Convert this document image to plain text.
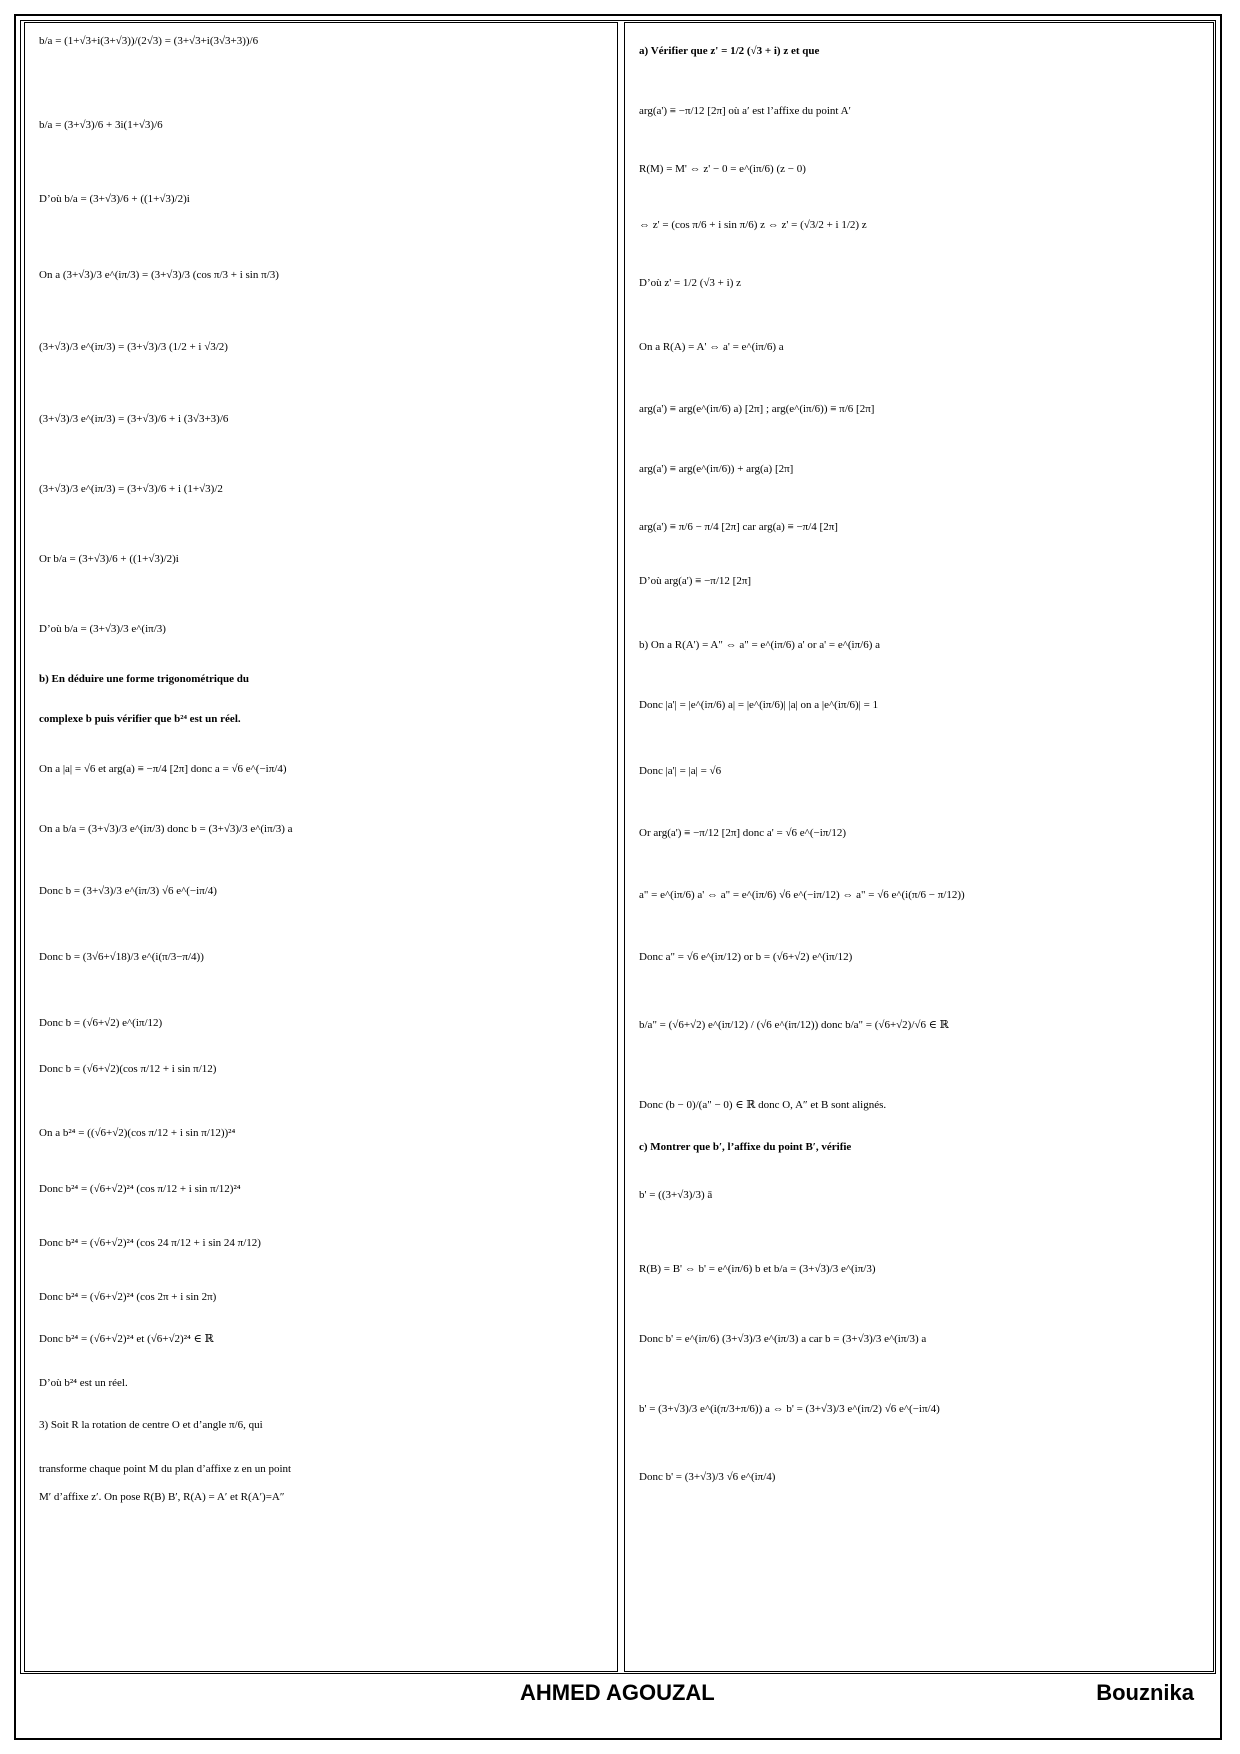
b/a = (1+√3+i(3+√3))/(2√3) = (3+√3+i(3√3+3))/6
b/a = (3+√3)/6 + 3i(1+√3)/6
D’où b/a = (3+√3)/6 + ((1+√3)/2)i
On a (3+√3)/3 e^(iπ/3) = (3+√3)/3 (cos π/3 + i sin π/3)
(3+√3)/3 e^(iπ/3) = (3+√3)/3 (1/2 + i √3/2)
(3+√3)/3 e^(iπ/3) = (3+√3)/6 + i (3√3+3)/6
(3+√3)/3 e^(iπ/3) = (3+√3)/6 + i (1+√3)/2
Or b/a = (3+√3)/6 + ((1+√3)/2)i
D’où b/a = (3+√3)/3 e^(iπ/3)
b) En déduire une forme trigonométrique du
complexe b puis vérifier que b²⁴ est un réel.
On a |a| = √6 et arg(a) ≡ −π/4 [2π] donc a = √6 e^(−iπ/4)
On a b/a = (3+√3)/3 e^(iπ/3) donc b = (3+√3)/3 e^(iπ/3) a
Donc b = (3+√3)/3 e^(iπ/3) √6 e^(−iπ/4)
Donc b = (3√6+√18)/3 e^(i(π/3−π/4))
Donc b = (√6+√2) e^(iπ/12)
Donc b = (√6+√2)(cos π/12 + i sin π/12)
On a b²⁴ = ((√6+√2)(cos π/12 + i sin π/12))²⁴
Donc b²⁴ = (√6+√2)²⁴ (cos π/12 + i sin π/12)²⁴
Donc b²⁴ = (√6+√2)²⁴ (cos 24 π/12 + i sin 24 π/12)
Donc b²⁴ = (√6+√2)²⁴ (cos 2π + i sin 2π)
Donc b²⁴ = (√6+√2)²⁴ et (√6+√2)²⁴ ∈ ℝ
D’où b²⁴ est un réel.
3) Soit R la rotation de centre O et d’angle π/6, qui
transforme chaque point M du plan d’affixe z en un point
M′ d’affixe z′. On pose R(B) B′, R(A) = A′ et R(A′)=A″
a) Vérifier que z' = 1/2 (√3 + i) z et que
arg(a') ≡ −π/12 [2π] où a′ est l’affixe du point A′
R(M) = M' ⇔ z' − 0 = e^(iπ/6) (z − 0)
⇔ z' = (cos π/6 + i sin π/6) z ⇔ z' = (√3/2 + i 1/2) z
D’où z' = 1/2 (√3 + i) z
On a R(A) = A' ⇔ a' = e^(iπ/6) a
arg(a') ≡ arg(e^(iπ/6) a) [2π] ; arg(e^(iπ/6)) ≡ π/6 [2π]
arg(a') ≡ arg(e^(iπ/6)) + arg(a) [2π]
arg(a') ≡ π/6 − π/4 [2π] car arg(a) ≡ −π/4 [2π]
D’où arg(a') ≡ −π/12 [2π]
b) On a R(A') = A" ⇔ a" = e^(iπ/6) a' or a' = e^(iπ/6) a
Donc |a'| = |e^(iπ/6) a| = |e^(iπ/6)| |a| on a |e^(iπ/6)| = 1
Donc |a'| = |a| = √6
Or arg(a') ≡ −π/12 [2π] donc a' = √6 e^(−iπ/12)
a" = e^(iπ/6) a' ⇔ a" = e^(iπ/6) √6 e^(−iπ/12) ⇔ a" = √6 e^(i(π/6 − π/12))
Donc a" = √6 e^(iπ/12) or b = (√6+√2) e^(iπ/12)
b/a" = (√6+√2) e^(iπ/12) / (√6 e^(iπ/12)) donc b/a" = (√6+√2)/√6 ∈ ℝ
Donc (b − 0)/(a" − 0) ∈ ℝ donc O, A″ et B sont alignés.
c) Montrer que b′, l’affixe du point B′, vérifie
b' = ((3+√3)/3) ā
R(B) = B' ⇔ b' = e^(iπ/6) b et b/a = (3+√3)/3 e^(iπ/3)
Donc b' = e^(iπ/6) (3+√3)/3 e^(iπ/3) a car b = (3+√3)/3 e^(iπ/3) a
b' = (3+√3)/3 e^(i(π/3+π/6)) a ⇔ b' = (3+√3)/3 e^(iπ/2) √6 e^(−iπ/4)
Donc b' = (3+√3)/3 √6 e^(iπ/4)
AHMED AGOUZAL	Bouznika
